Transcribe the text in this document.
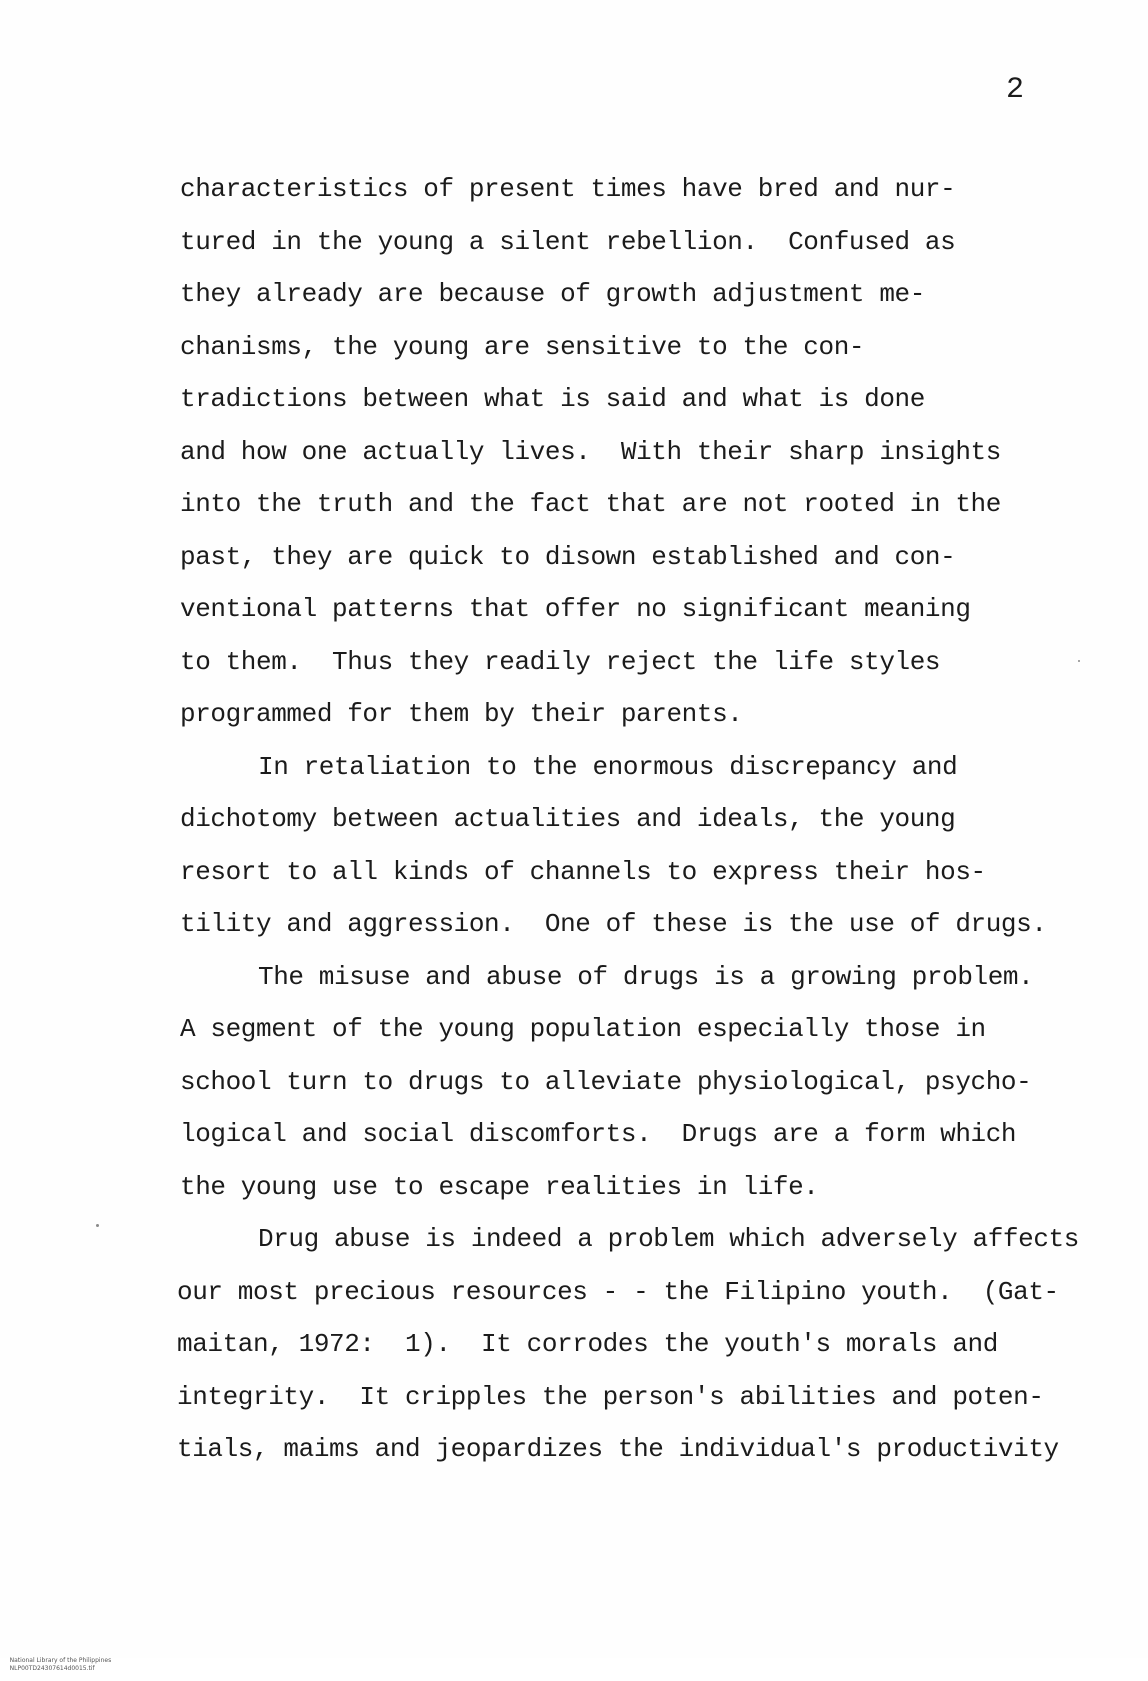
2

characteristics of present times have bred and nur-
tured in the young a silent rebellion.  Confused as
they already are because of growth adjustment me-
chanisms, the young are sensitive to the con-
tradictions between what is said and what is done
and how one actually lives.  With their sharp insights
into the truth and the fact that are not rooted in the
past, they are quick to disown established and con-
ventional patterns that offer no significant meaning
to them.  Thus they readily reject the life styles
programmed for them by their parents.
In retaliation to the enormous discrepancy and
dichotomy between actualities and ideals, the young
resort to all kinds of channels to express their hos-
tility and aggression.  One of these is the use of drugs.
The misuse and abuse of drugs is a growing problem.
A segment of the young population especially those in
school turn to drugs to alleviate physiological, psycho-
logical and social discomforts.  Drugs are a form which
the young use to escape realities in life.
Drug abuse is indeed a problem which adversely affects
our most precious resources - - the Filipino youth.  (Gat-
maitan, 1972:  1).  It corrodes the youth's morals and
integrity.  It cripples the person's abilities and poten-
tials, maims and jeopardizes the individual's productivity

National Library of the Philippines
NLP00TD24307614d0015.tif
